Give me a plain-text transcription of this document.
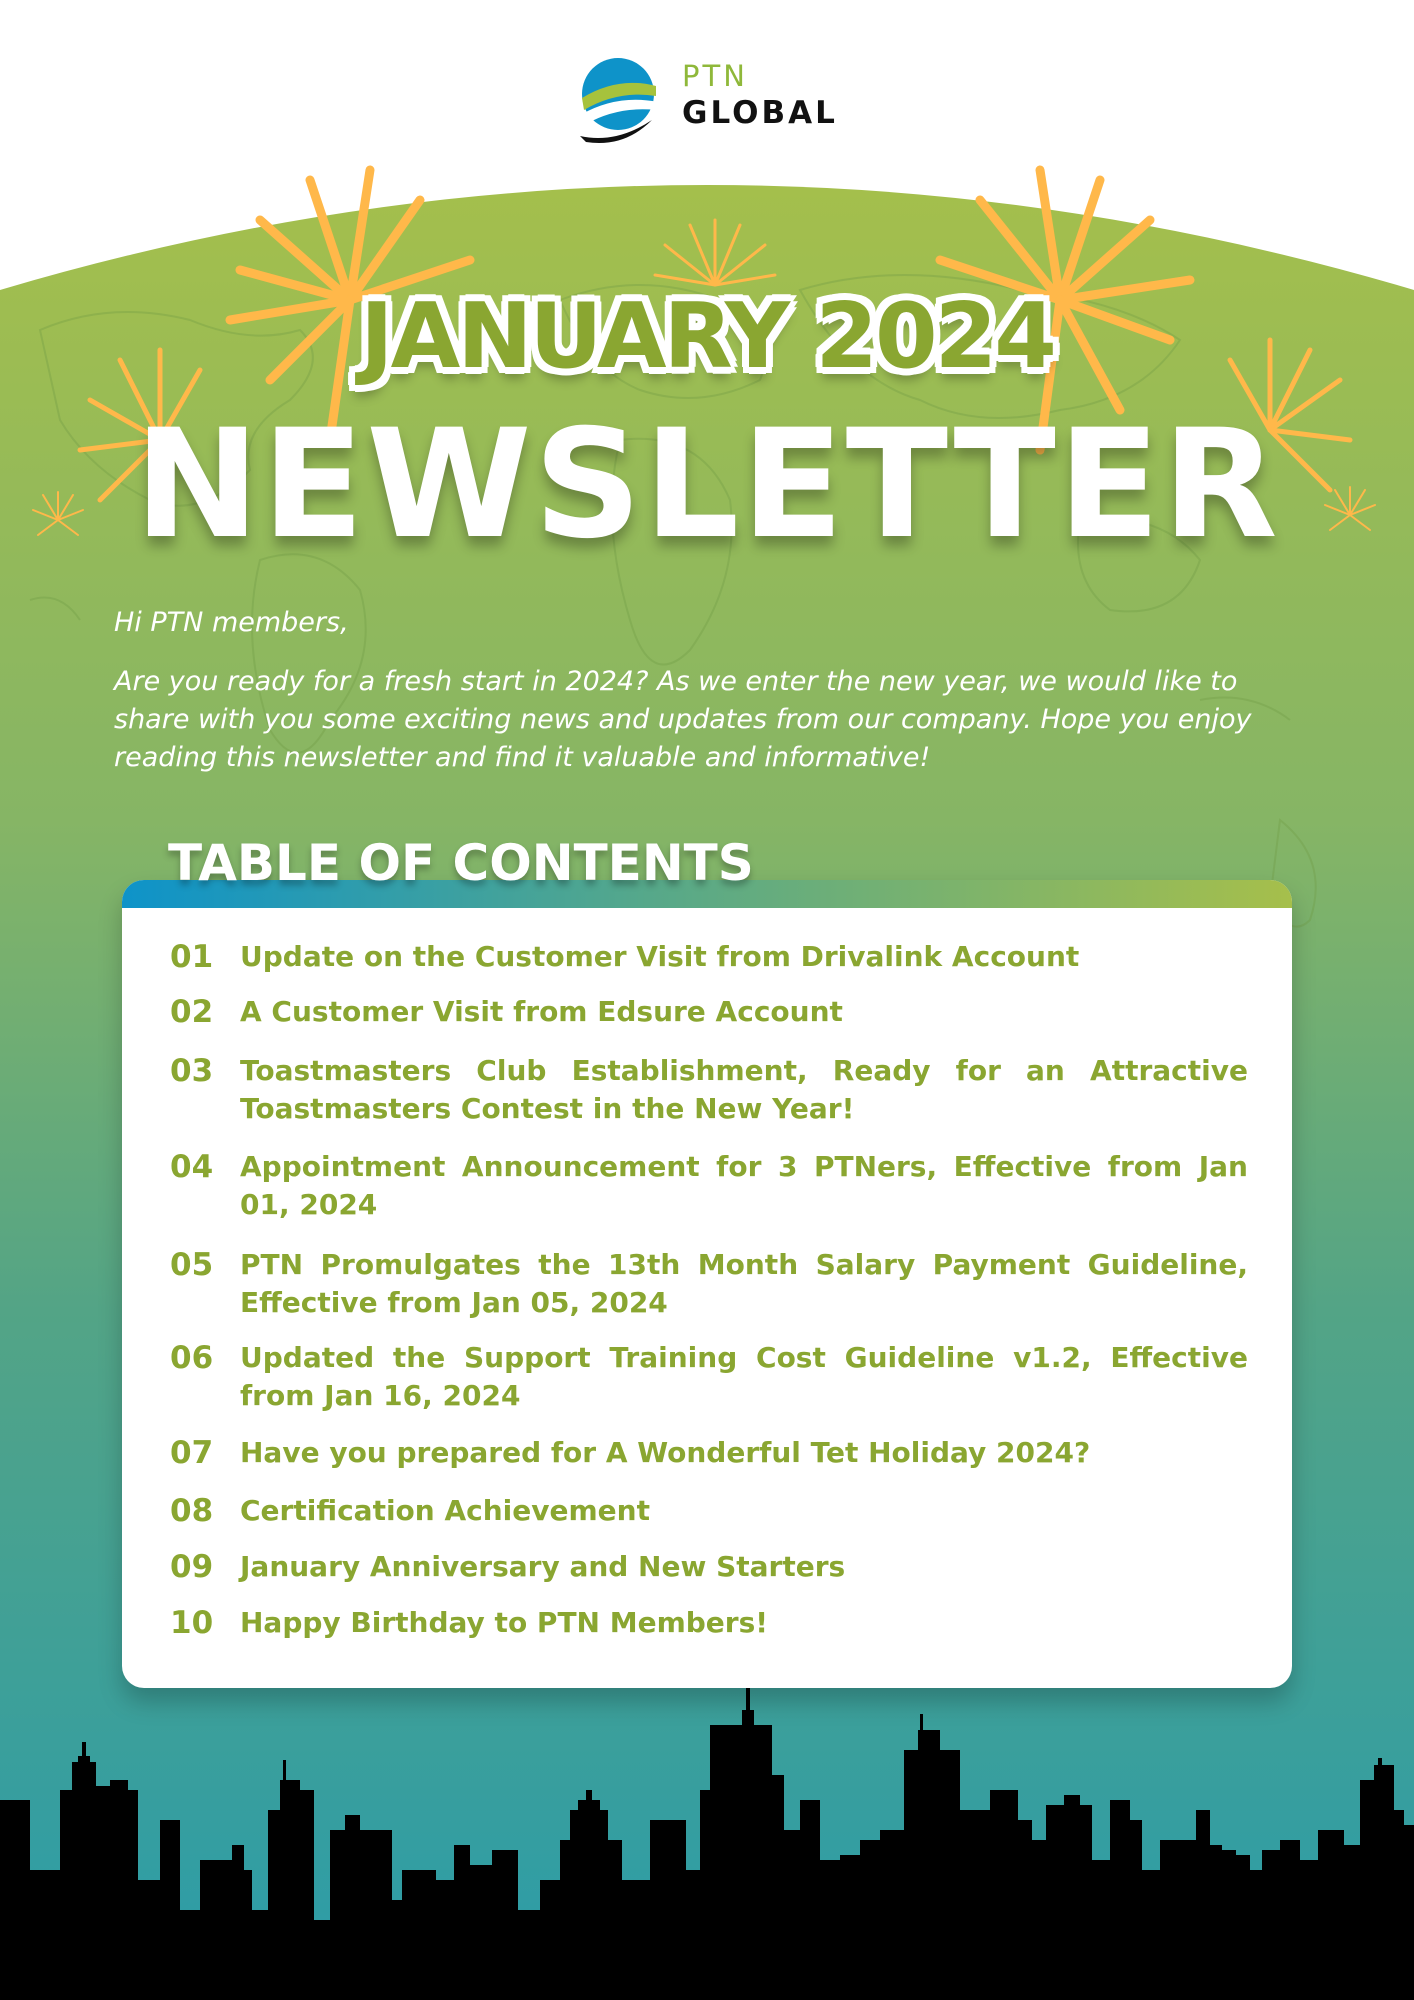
PTN
GLOBAL
JANUARY 2024
NEWSLETTER
Hi PTN members,
Are you ready for a fresh start in 2024? As we enter the new year, we would like to share with you some exciting news and updates from our company. Hope you enjoy reading this newsletter and find it valuable and informative!
TABLE OF CONTENTS
01 Update on the Customer Visit from Drivalink Account
02 A Customer Visit from Edsure Account
03 Toastmasters Club Establishment, Ready for an Attractive Toastmasters Contest in the New Year!
04 Appointment Announcement for 3 PTNers, Effective from Jan 01, 2024
05 PTN Promulgates the 13th Month Salary Payment Guideline, Effective from Jan 05, 2024
06 Updated the Support Training Cost Guideline v1.2, Effective from Jan 16, 2024
07 Have you prepared for A Wonderful Tet Holiday 2024?
08 Certification Achievement
09 January Anniversary and New Starters
10 Happy Birthday to PTN Members!
